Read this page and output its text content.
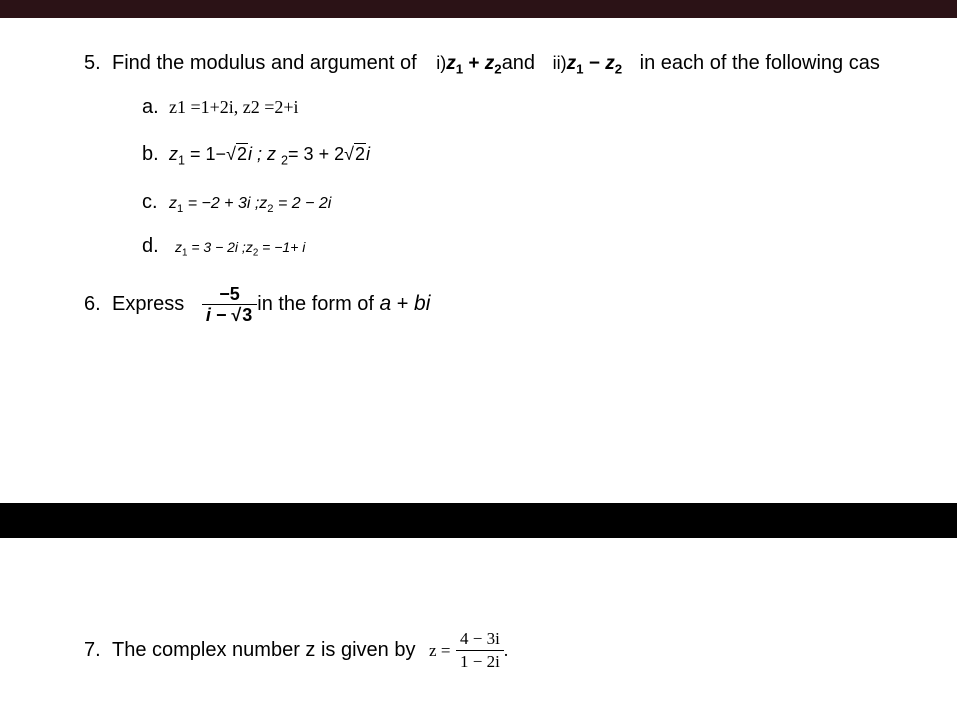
5. Find the modulus and argument of $i)z_1 + z_2and$ $ii)z_1 - z_2$ in each of the following cas
a. z1 =1+2i, z2 =2+i
b. $z_1 = 1-√2i$ ; z $_2$= 3 + 2√2i
c. $z_1 = -2 + 3i$ $;z_2 = 2 - 2i$
d. $z_1 = 3 - 2i$ $;z_2 = -1+ i$
6. Express $\frac{-5}{i - √3}$ in the form of a + bi
7. The complex number z is given by $z = \frac{4 - 3i}{1 - 2i}$ .
